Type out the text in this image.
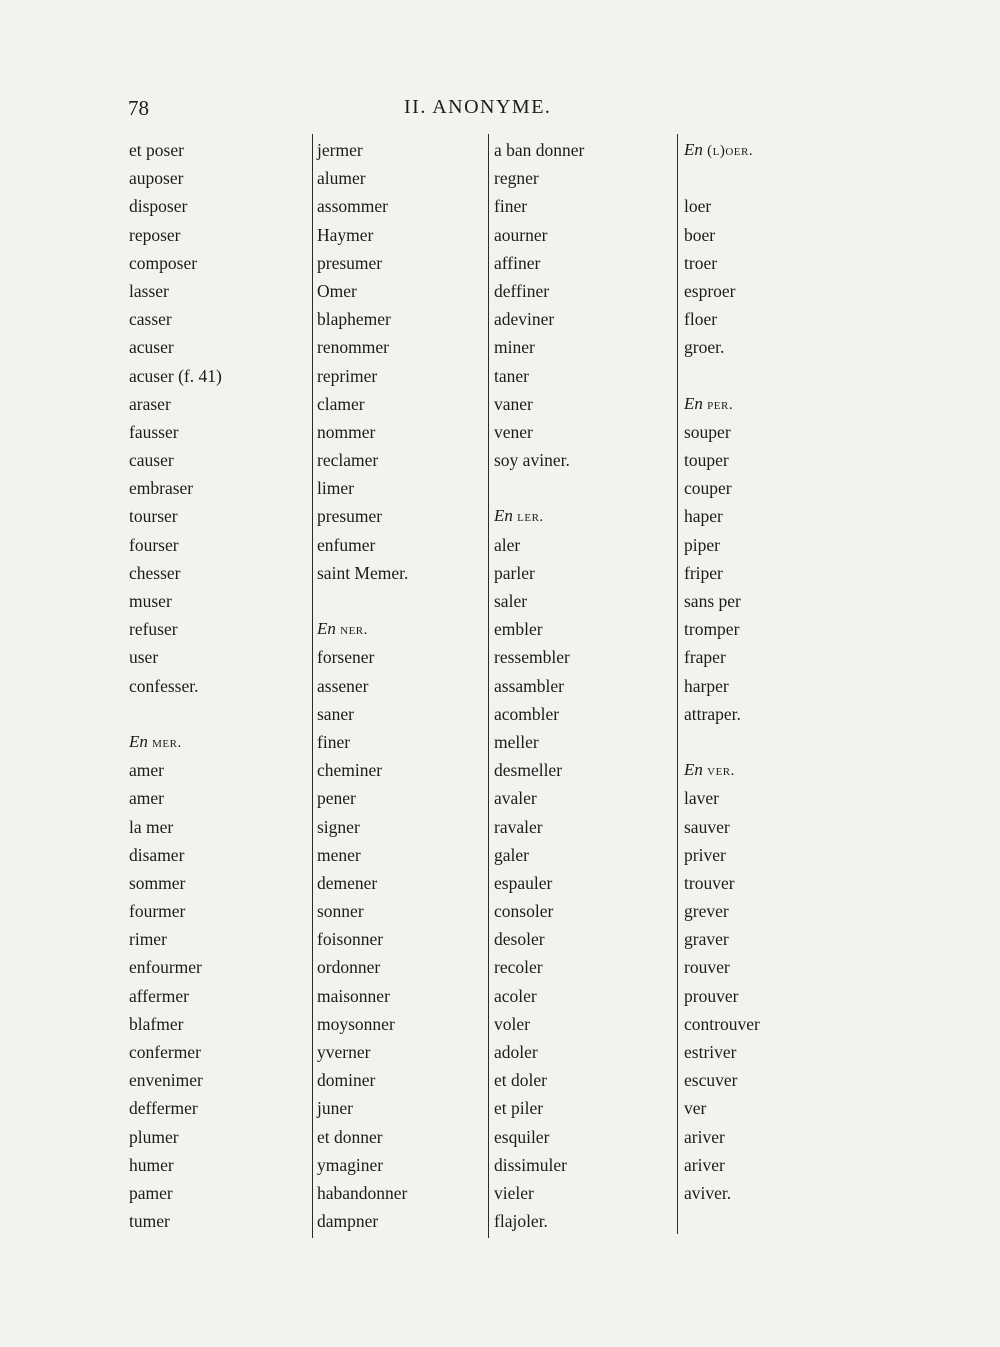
78	II. ANONYME.
et poser
auposer
disposer
reposer
composer
lasser
casser
acuser
acuser (f. 41)
araser
fausser
causer
embraser
tourser
fourser
chesser
muser
refuser
user
confesser.
En mer.
amer
amer
la mer
disamer
sommer
fourmer
rimer
enfourmer
affermer
blafmer
confermer
envenimer
deffermer
plumer
humer
pamer
tumer
jermer
alumer
assommer
Haymer
presumer
Omer
blaphemer
renommer
reprimer
clamer
nommer
reclamer
limer
presumer
enfumer
saint Memer.
En ner.
forsener
assener
saner
finer
cheminer
pener
signer
mener
demener
sonner
foisonner
ordonner
maisonner
moysonner
yverner
dominer
juner
et donner
ymaginer
habandonner
dampner
a ban donner
regner
finer
aourner
affiner
deffiner
adeviner
miner
taner
vaner
vener
soy aviner.
En ler.
aler
parler
saler
embler
ressembler
assambler
acombler
meller
desmeller
avaler
ravaler
galer
espauler
consoler
desoler
recoler
acoler
voler
adoler
et doler
et piler
esquiler
dissimuler
vieler
flajoler.
En (l)oer.
loer
boer
troer
esproer
floer
groer.
En per.
souper
touper
couper
haper
piper
friper
sans per
tromper
fraper
harper
attraper.
En ver.
laver
sauver
priver
trouver
grever
graver
rouver
prouver
controuver
estriver
escuver
ver
ariver
ariver
aviver.
